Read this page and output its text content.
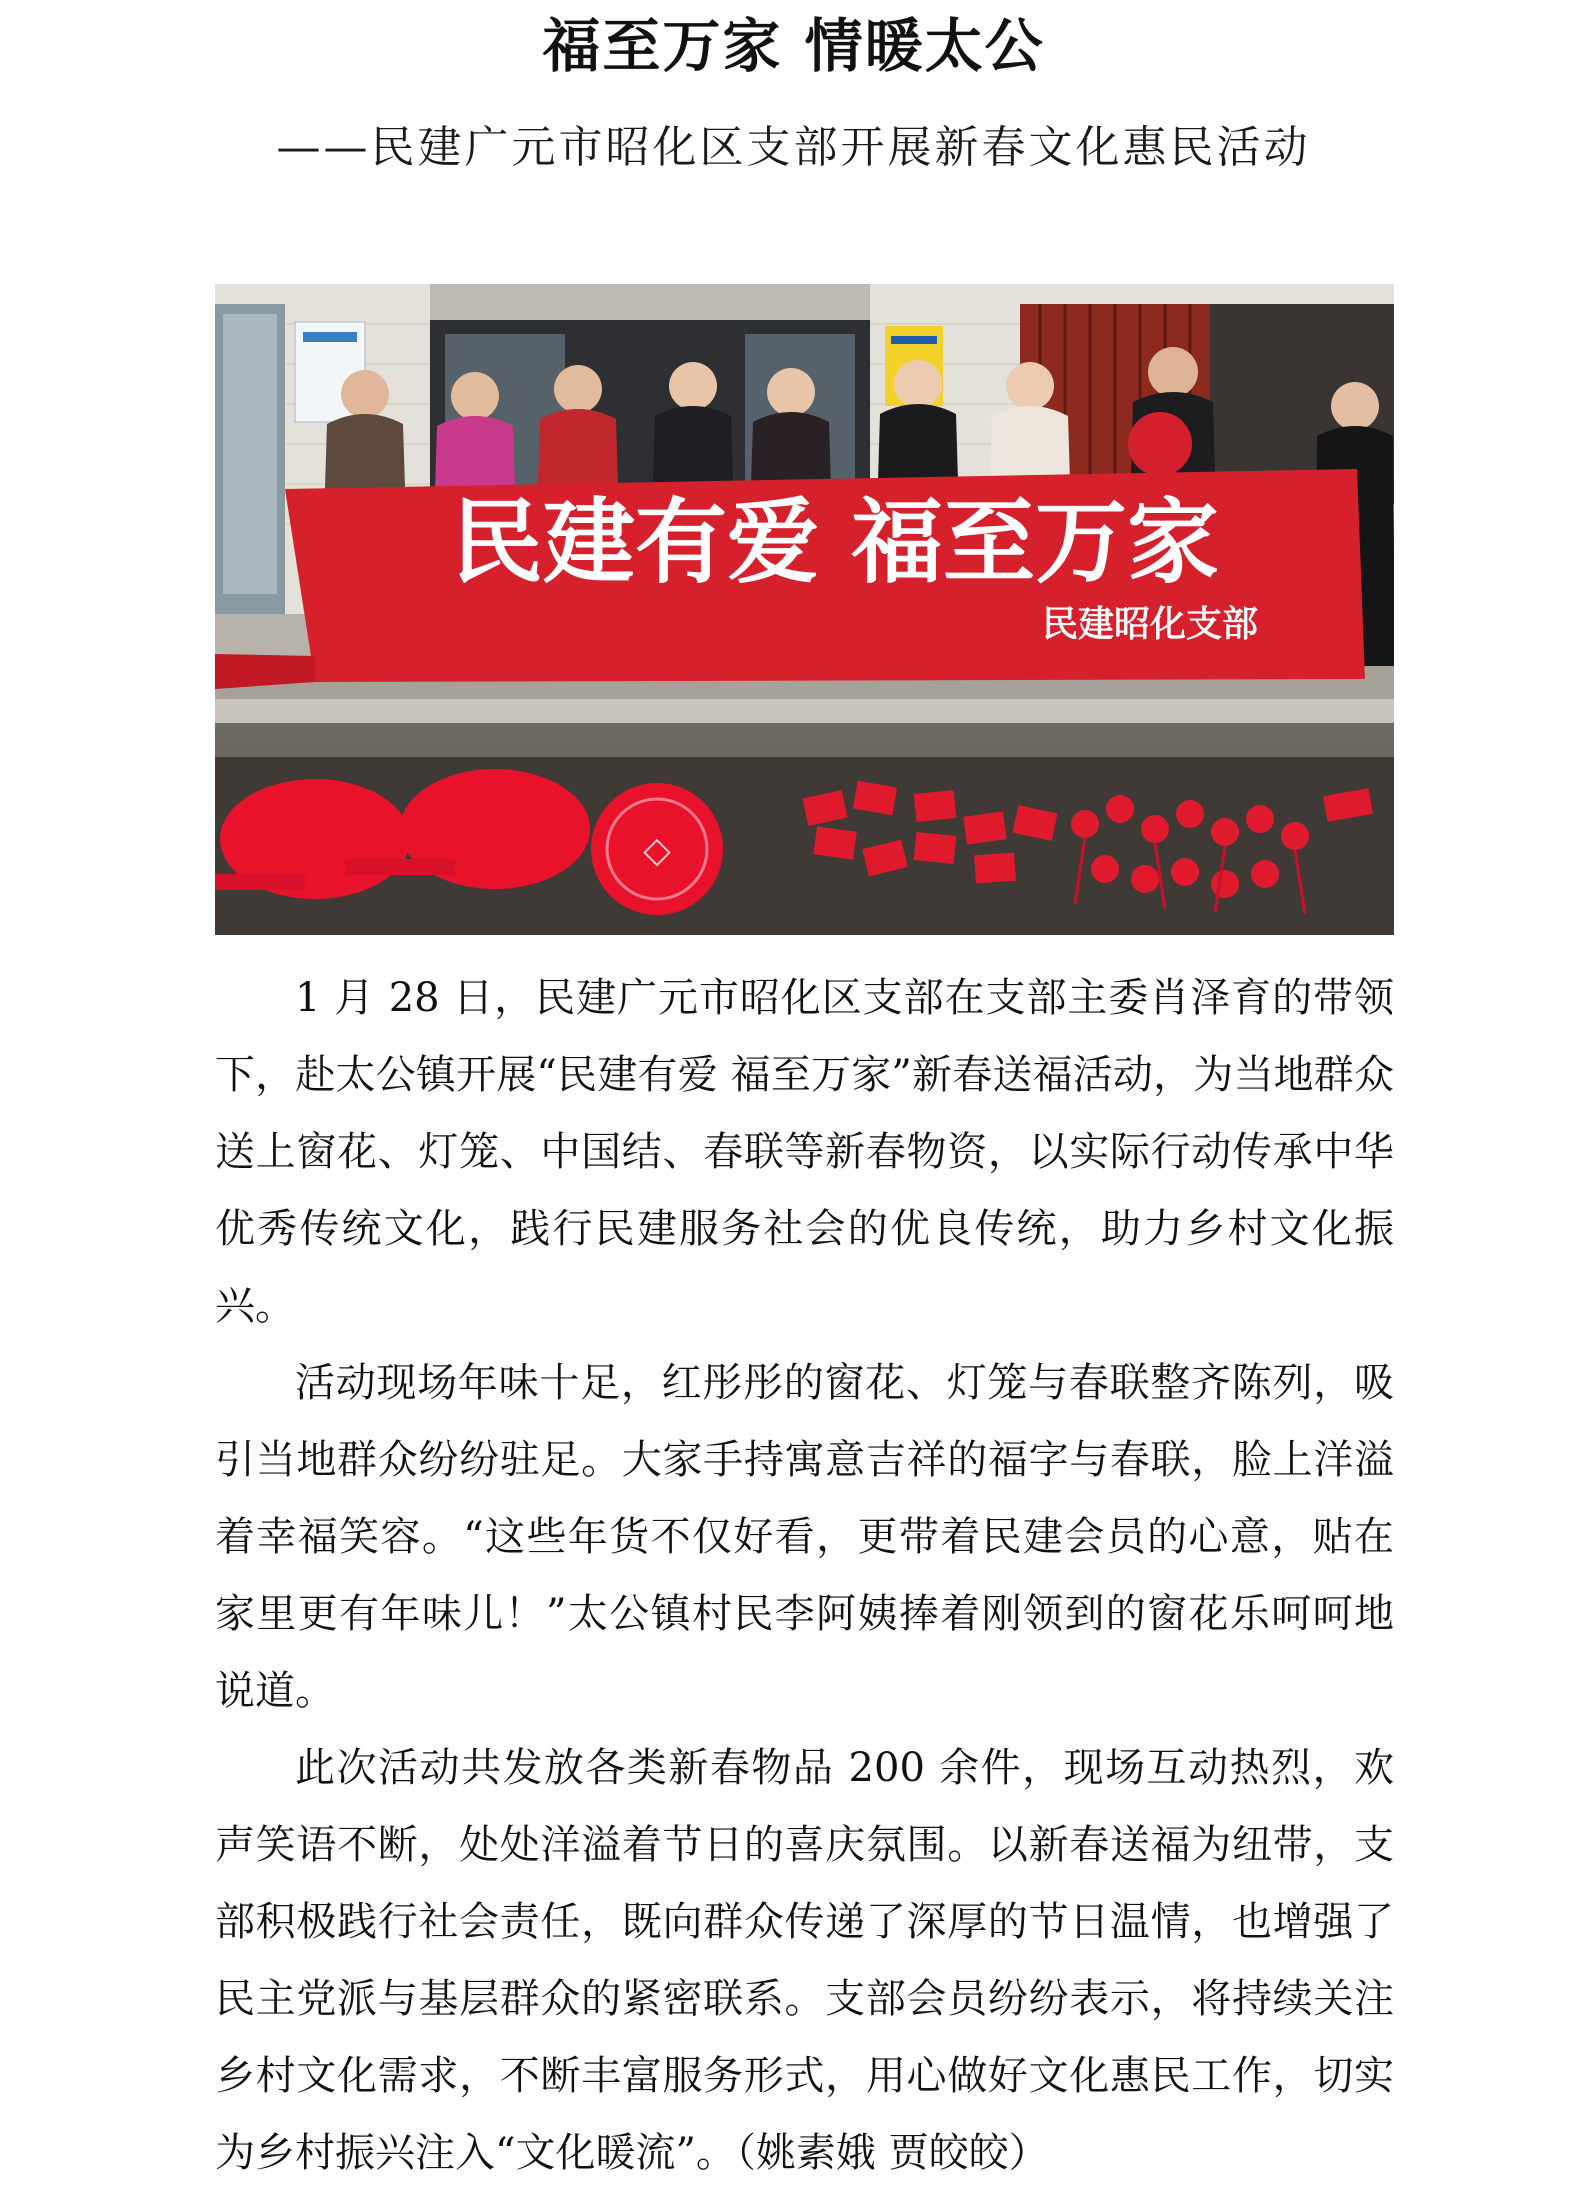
福至万家 情暖太公
——民建广元市昭化区支部开展新春文化惠民活动
民建有爱 福至万家
民建昭化支部
◇

1 月 28 日，民建广元市昭化区支部在支部主委肖泽育的带领下，赴太公镇开展“民建有爱 福至万家”新春送福活动，为当地群众送上窗花、灯笼、中国结、春联等新春物资，以实际行动传承中华优秀传统文化，践行民建服务社会的优良传统，助力乡村文化振兴。

活动现场年味十足，红彤彤的窗花、灯笼与春联整齐陈列，吸引当地群众纷纷驻足。大家手持寓意吉祥的福字与春联，脸上洋溢着幸福笑容。“这些年货不仅好看，更带着民建会员的心意，贴在家里更有年味儿！”太公镇村民李阿姨捧着刚领到的窗花乐呵呵地说道。

此次活动共发放各类新春物品 200 余件，现场互动热烈，欢声笑语不断，处处洋溢着节日的喜庆氛围。以新春送福为纽带，支部积极践行社会责任，既向群众传递了深厚的节日温情，也增强了民主党派与基层群众的紧密联系。支部会员纷纷表示，将持续关注乡村文化需求，不断丰富服务形式，用心做好文化惠民工作，切实为乡村振兴注入“文化暖流”。（姚素娥 贾皎皎）
